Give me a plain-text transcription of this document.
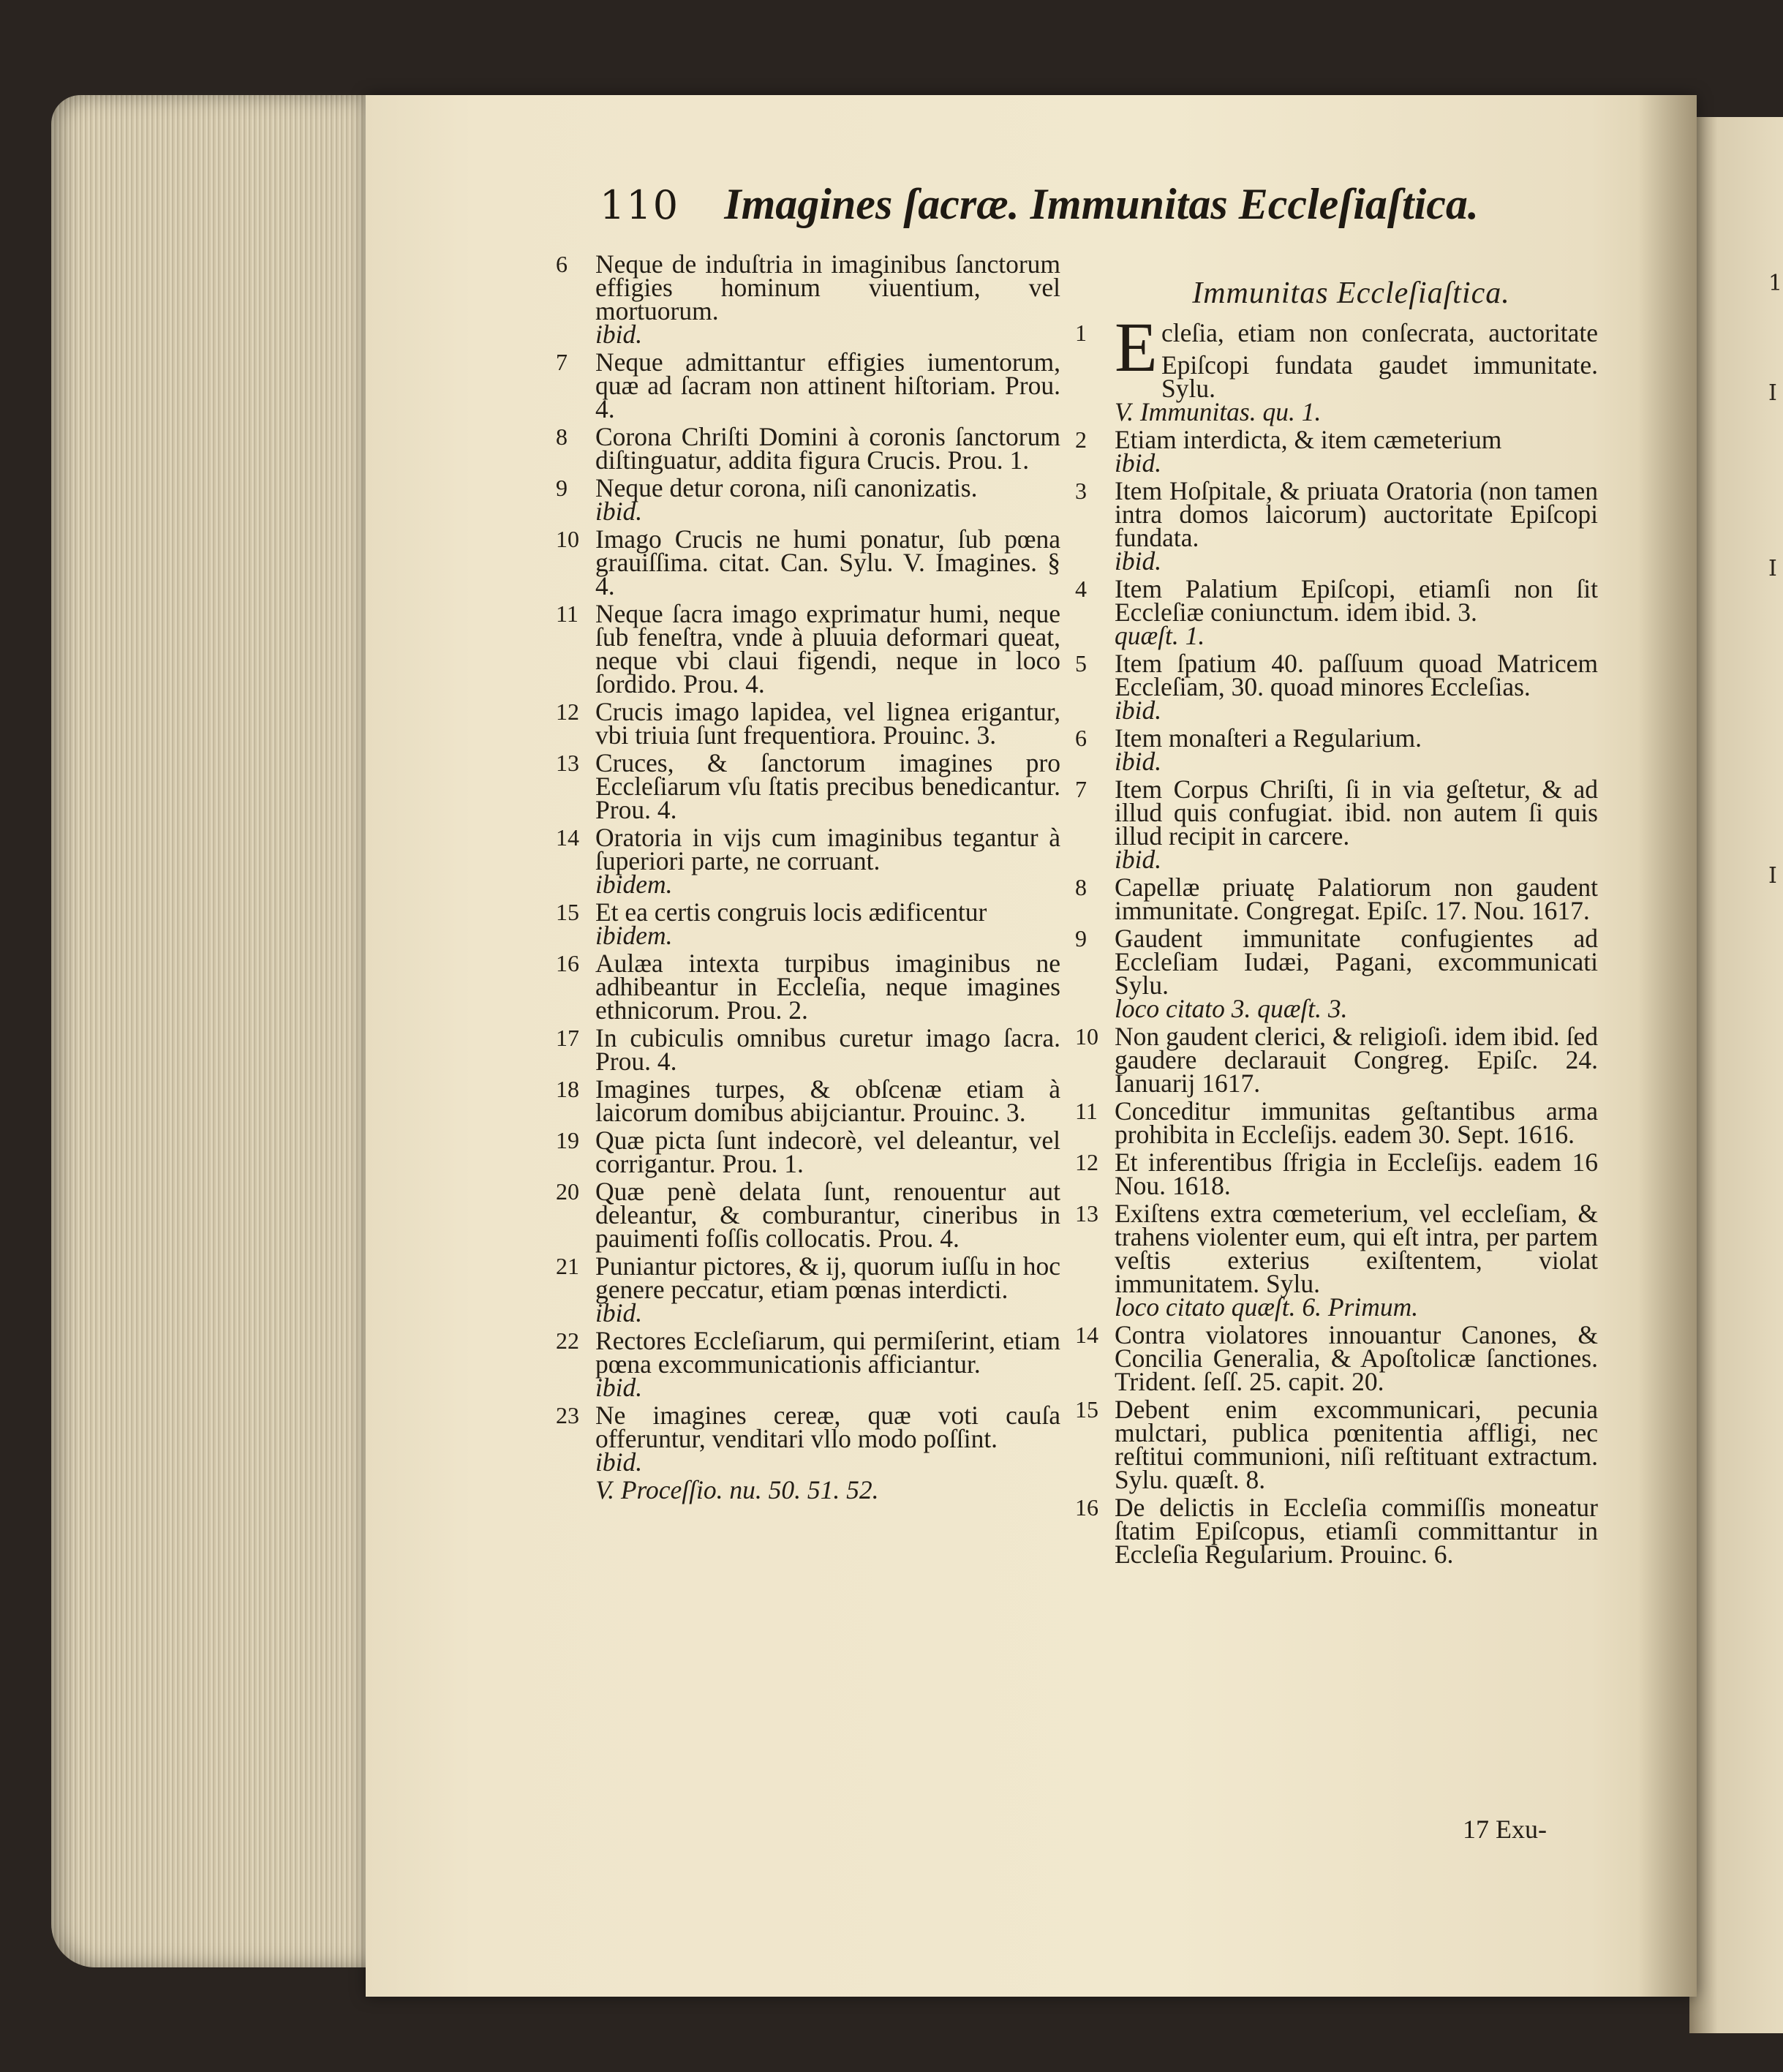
1
I
I
I
110 Imagines ſacræ. Immunitas Eccleſiaſtica.
6 Neque de induſtria in imaginibus ſanctorum effigies hominum viuentium, vel mortuorum.
ibid.
7 Neque admittantur effigies iumentorum, quæ ad ſacram non attinent hiſtoriam. Prou. 4.
8 Corona Chriſti Domini à coronis ſanctorum diſtinguatur, addita figura Crucis. Prou. 1.
9 Neque detur corona, niſi canonizatis.
ibid.
10 Imago Crucis ne humi ponatur, ſub pœna grauiſſima. citat. Can. Sylu. V. Imagines. § 4.
11 Neque ſacra imago exprimatur humi, neque ſub feneſtra, vnde à pluuia deformari queat, neque vbi claui figendi, neque in loco ſordido. Prou. 4.
12 Crucis imago lapidea, vel lignea erigantur, vbi triuia ſunt frequentiora. Prouinc. 3.
13 Cruces, & ſanctorum imagines pro Eccleſiarum vſu ſtatis precibus benedicantur. Prou. 4.
14 Oratoria in vijs cum imaginibus tegantur à ſuperiori parte, ne corruant.
ibidem.
15 Et ea certis congruis locis ædificentur
ibidem.
16 Aulæa intexta turpibus imaginibus ne adhibeantur in Eccleſia, neque imagines ethnicorum. Prou. 2.
17 In cubiculis omnibus curetur imago ſacra. Prou. 4.
18 Imagines turpes, & obſcenæ etiam à laicorum domibus abijciantur. Prouinc. 3.
19 Quæ picta ſunt indecorè, vel deleantur, vel corrigantur. Prou. 1.
20 Quæ penè delata ſunt, renouentur aut deleantur, & comburantur, cineribus in pauimenti foſſis collocatis. Prou. 4.
21 Puniantur pictores, & ij, quorum iuſſu in hoc genere peccatur, etiam pœnas interdicti.
ibid.
22 Rectores Eccleſiarum, qui permiſerint, etiam pœna excommunicationis afficiantur.
ibid.
23 Ne imagines cereæ, quæ voti cauſa offeruntur, venditari vllo modo poſſint.
ibid.
V. Proceſſio. nu. 50. 51. 52.
Immunitas Eccleſiaſtica.
1 E
Ccleſia, etiam non conſecrata, auctoritate Epiſcopi fundata gaudet immunitate. Sylu.
V. Immunitas. qu. 1.
2 Etiam interdicta, & item cæmeterium
ibid.
3 Item Hoſpitale, & priuata Oratoria (non tamen intra domos laicorum) auctoritate Epiſcopi fundata.
ibid.
4 Item Palatium Epiſcopi, etiamſi non ſit Eccleſiæ coniunctum. idem ibid. 3.
quæſt. 1.
5 Item ſpatium 40. paſſuum quoad Matricem Eccleſiam, 30. quoad minores Eccleſias.
ibid.
6 Item monaſteri a Regularium.
ibid.
7 Item Corpus Chriſti, ſi in via geſtetur, & ad illud quis confugiat. ibid. non autem ſi quis illud recipit in carcere.
ibid.
8 Capellæ priuatę Palatiorum non gaudent immunitate. Congregat. Epiſc. 17. Nou. 1617.
9 Gaudent immunitate confugientes ad Eccleſiam Iudæi, Pagani, excommunicati Sylu.
loco citato 3. quæſt. 3.
10 Non gaudent clerici, & religioſi. idem ibid. ſed gaudere declarauit Congreg. Epiſc. 24. Ianuarij 1617.
11 Conceditur immunitas geſtantibus arma prohibita in Eccleſijs. eadem 30. Sept. 1616.
12 Et inferentibus ſfrigia in Eccleſijs. eadem 16 Nou. 1618.
13 Exiſtens extra cœmeterium, vel eccleſiam, & trahens violenter eum, qui eſt intra, per partem veſtis exterius exiſtentem, violat immunitatem. Sylu.
loco citato quæſt. 6. Primum.
14 Contra violatores innouantur Canones, & Concilia Generalia, & Apoſtolicæ ſanctiones. Trident. ſeſſ. 25. capit. 20.
15 Debent enim excommunicari, pecunia mulctari, publica pœnitentia affligi, nec reſtitui communioni, niſi reſtituant extractum. Sylu. quæſt. 8.
16 De delictis in Eccleſia commiſſis moneatur ſtatim Epiſcopus, etiamſi committantur in Eccleſia Regularium. Prouinc. 6.
17 Exu-
